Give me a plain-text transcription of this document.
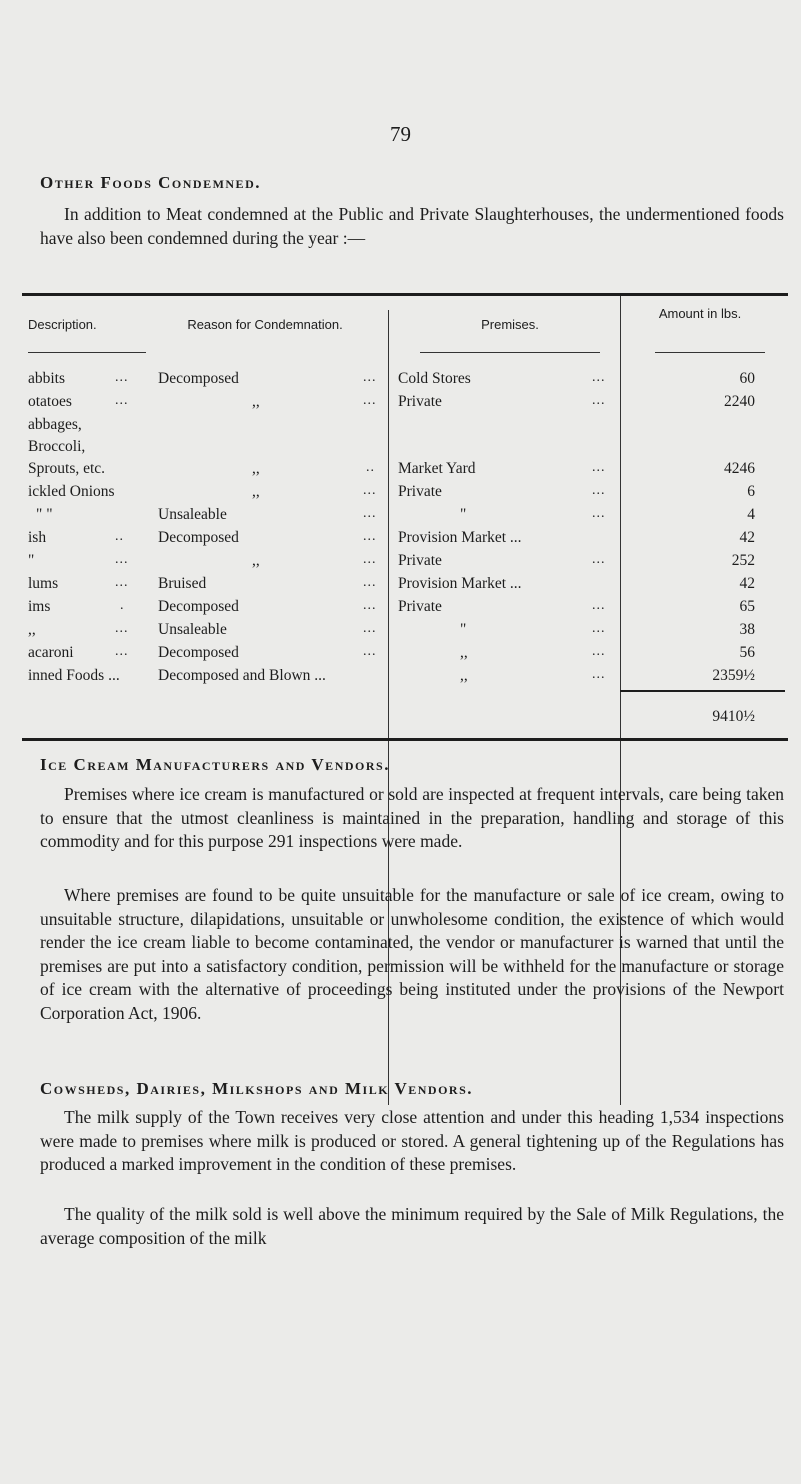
79
Other Foods Condemned.
In addition to Meat condemned at the Public and Private Slaughterhouses, the undermentioned foods have also been condemned during the year :—
Description.	Reason for Condemnation.	Premises.
Amount in lbs.
abbits	... Decomposed	... Cold Stores	...	60
otatoes	...	,,	... Private	...	2240
abbages,
Broccoli,
Sprouts, etc.	,,	.. Market Yard	...	4246
ickled Onions	,,	... Private	...	6
" "	Unsaleable	...	"	...	4
ish	.. Decomposed	... Provision Market ...	42
"	...	,,	... Private	...	252
lums	... Bruised	... Provision Market ...	42
ims	. Decomposed	... Private	...	65
,,	... Unsaleable	...	"	...	38
acaroni	... Decomposed	...	,,	...	56
inned Foods ... Decomposed and Blown ...	,,	...	2359½
9410½
Ice Cream Manufacturers and Vendors.
Premises where ice cream is manufactured or sold are inspected at frequent intervals, care being taken to ensure that the utmost cleanliness is maintained in the preparation, handling and storage of this commodity and for this purpose 291 inspections were made.
Where premises are found to be quite unsuitable for the manufacture or sale of ice cream, owing to unsuitable structure, dilapidations, unsuitable or unwholesome condition, the existence of which would render the ice cream liable to become contaminated, the vendor or manufacturer is warned that until the premises are put into a satisfactory condition, permission will be withheld for the manufacture or storage of ice cream with the alternative of proceedings being instituted under the provisions of the Newport Corporation Act, 1906.
Cowsheds, Dairies, Milkshops and Milk Vendors.
The milk supply of the Town receives very close attention and under this heading 1,534 inspections were made to premises where milk is produced or stored. A general tightening up of the Regulations has produced a marked improvement in the condition of these premises.
The quality of the milk sold is well above the minimum required by the Sale of Milk Regulations, the average composition of the milk
